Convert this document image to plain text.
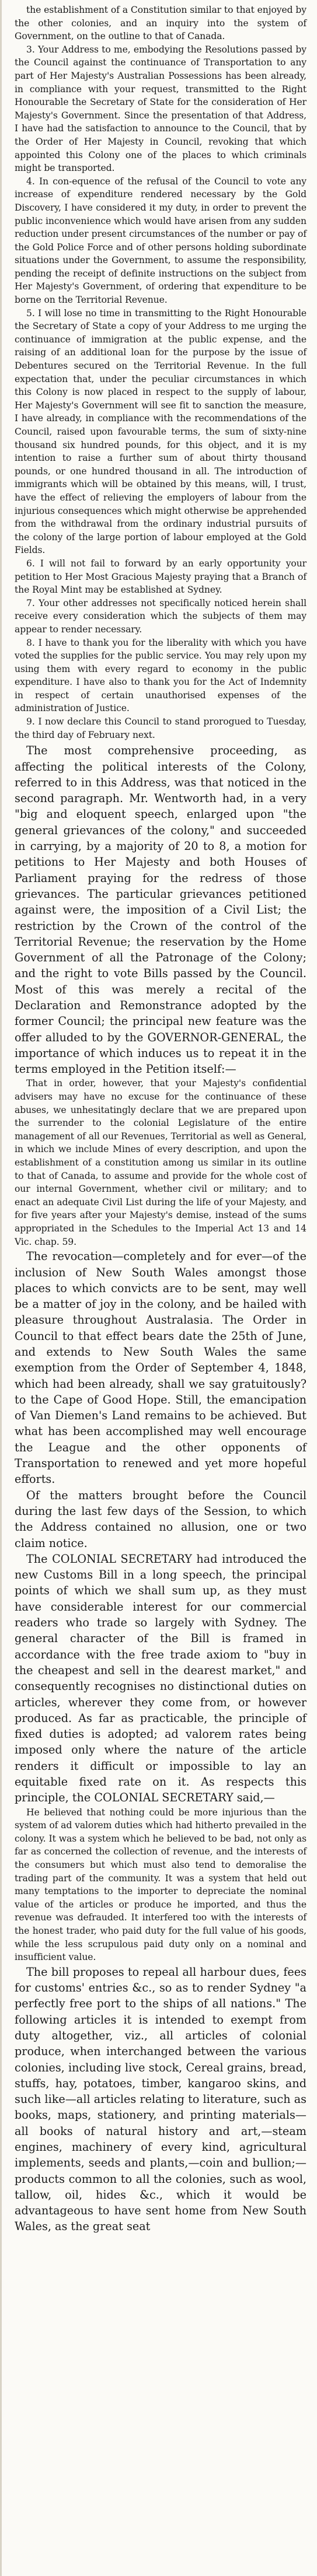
the establishment of a Constitution similar to that enjoyed by the other colonies, and an inquiry into the system of Government, on the outline to that of Canada.

3. Your Address to me, embodying the Resolutions passed by the Council against the continuance of Transportation to any part of Her Majesty's Australian Possessions has been already, in compliance with your request, transmitted to the Right Honourable the Secretary of State for the consideration of Her Majesty's Government. Since the presentation of that Address, I have had the satisfaction to announce to the Council, that by the Order of Her Majesty in Council, revoking that which appointed this Colony one of the places to which criminals might be transported.

4. In con-equence of the refusal of the Council to vote any increase of expenditure rendered necessary by the Gold Discovery, I have considered it my duty, in order to prevent the public inconvenience which would have arisen from any sudden reduction under present circumstances of the number or pay of the Gold Police Force and of other persons holding subordinate situations under the Government, to assume the responsibility, pending the receipt of definite instructions on the subject from Her Majesty's Government, of ordering that expenditure to be borne on the Territorial Revenue.

5. I will lose no time in transmitting to the Right Honourable the Secretary of State a copy of your Address to me urging the continuance of immigration at the public expense, and the raising of an additional loan for the purpose by the issue of Debentures secured on the Territorial Revenue. In the full expectation that, under the peculiar circumstances in which this Colony is now placed in respect to the supply of labour, Her Majesty's Government will see fit to sanction the measure, I have already, in compliance with the recommendations of the Council, raised upon favourable terms, the sum of sixty-nine thousand six hundred pounds, for this object, and it is my intention to raise a further sum of about thirty thousand pounds, or one hundred thousand in all. The introduction of immigrants which will be obtained by this means, will, I trust, have the effect of relieving the employers of labour from the injurious consequences which might otherwise be apprehended from the withdrawal from the ordinary industrial pursuits of the colony of the large portion of labour employed at the Gold Fields.

6. I will not fail to forward by an early opportunity your petition to Her Most Gracious Majesty praying that a Branch of the Royal Mint may be established at Sydney.

7. Your other addresses not specifically noticed herein shall receive every consideration which the subjects of them may appear to render necessary.

8. I have to thank you for the liberality with which you have voted the supplies for the public service. You may rely upon my using them with every regard to economy in the public expenditure. I have also to thank you for the Act of Indemnity in respect of certain unauthorised expenses of the administration of Justice.

9. I now declare this Council to stand prorogued to Tuesday, the third day of February next.

The most comprehensive proceeding, as affecting the political interests of the Colony, referred to in this Address, was that noticed in the second paragraph. Mr. Wentworth had, in a very "big and eloquent speech, enlarged upon "the general grievances of the colony," and succeeded in carrying, by a majority of 20 to 8, a motion for petitions to Her Majesty and both Houses of Parliament praying for the redress of those grievances. The particular grievances petitioned against were, the imposition of a Civil List; the restriction by the Crown of the control of the Territorial Revenue; the reservation by the Home Government of all the Patronage of the Colony; and the right to vote Bills passed by the Council. Most of this was merely a recital of the Declaration and Remonstrance adopted by the former Council; the principal new feature was the offer alluded to by the GOVERNOR-GENERAL, the importance of which induces us to repeat it in the terms employed in the Petition itself:—

That in order, however, that your Majesty's confidential advisers may have no excuse for the continuance of these abuses, we unhesitatingly declare that we are prepared upon the surrender to the colonial Legislature of the entire management of all our Revenues, Territorial as well as General, in which we include Mines of every description, and upon the establishment of a constitution among us similar in its outline to that of Canada, to assume and provide for the whole cost of our internal Government, whether civil or military; and to enact an adequate Civil List during the life of your Majesty, and for five years after your Majesty's demise, instead of the sums appropriated in the Schedules to the Imperial Act 13 and 14 Vic. chap. 59.

The revocation—completely and for ever—of the inclusion of New South Wales amongst those places to which convicts are to be sent, may well be a matter of joy in the colony, and be hailed with pleasure throughout Australasia. The Order in Council to that effect bears date the 25th of June, and extends to New South Wales the same exemption from the Order of September 4, 1848, which had been already, shall we say gratuitously? to the Cape of Good Hope. Still, the emancipation of Van Diemen's Land remains to be achieved. But what has been accomplished may well encourage the League and the other opponents of Transportation to renewed and yet more hopeful efforts.

Of the matters brought before the Council during the last few days of the Session, to which the Address contained no allusion, one or two claim notice.

The COLONIAL SECRETARY had introduced the new Customs Bill in a long speech, the principal points of which we shall sum up, as they must have considerable interest for our commercial readers who trade so largely with Sydney. The general character of the Bill is framed in accordance with the free trade axiom to "buy in the cheapest and sell in the dearest market," and consequently recognises no distinctional duties on articles, wherever they come from, or however produced. As far as practicable, the principle of fixed duties is adopted; ad valorem rates being imposed only where the nature of the article renders it difficult or impossible to lay an equitable fixed rate on it. As respects this principle, the COLONIAL SECRETARY said,—

He believed that nothing could be more injurious than the system of ad valorem duties which had hitherto prevailed in the colony. It was a system which he believed to be bad, not only as far as concerned the collection of revenue, and the interests of the consumers but which must also tend to demoralise the trading part of the community. It was a system that held out many temptations to the importer to depreciate the nominal value of the articles or produce he imported, and thus the revenue was defrauded. It interfered too with the interests of the honest trader, who paid duty for the full value of his goods, while the less scrupulous paid duty only on a nominal and insufficient value.

The bill proposes to repeal all harbour dues, fees for customs' entries &c., so as to render Sydney "a perfectly free port to the ships of all nations." The following articles it is intended to exempt from duty altogether, viz., all articles of colonial produce, when interchanged between the various colonies, including live stock, Cereal grains, bread, stuffs, hay, potatoes, timber, kangaroo skins, and such like—all articles relating to literature, such as books, maps, stationery, and printing materials—all books of natural history and art,—steam engines, machinery of every kind, agricultural implements, seeds and plants,—coin and bullion;—products common to all the colonies, such as wool, tallow, oil, hides &c., which it would be advantageous to have sent home from New South Wales, as the great seat
